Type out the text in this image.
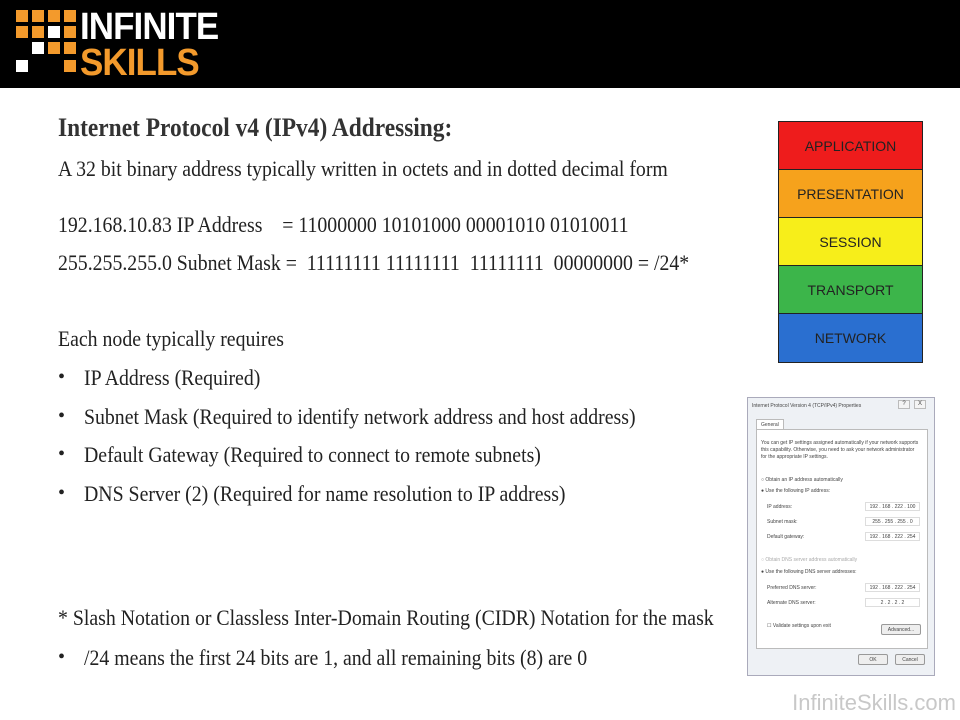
INFINITE
SKILLS
Internet Protocol v4 (IPv4) Addressing:
A 32 bit binary address typically written in octets and in dotted decimal form
192.168.10.83 IP Address    = 11000000 10101000 00001010 01010011
255.255.255.0 Subnet Mask =  11111111 11111111  11111111  00000000 = /24*
Each node typically requires
• IP Address (Required)
• Subnet Mask (Required to identify network address and host address)
• Default Gateway (Required to connect to remote subnets)
• DNS Server (2) (Required for name resolution to IP address)
* Slash Notation or Classless Inter-Domain Routing (CIDR) Notation for the mask
• /24 means the first 24 bits are 1, and all remaining bits (8) are 0
APPLICATION
PRESENTATION
SESSION
TRANSPORT
NETWORK
Internet Protocol Version 4 (TCP/IPv4) Properties	?	X
General
You can get IP settings assigned automatically if your network supports
this capability. Otherwise, you need to ask your network administrator
for the appropriate IP settings.
○ Obtain an IP address automatically
● Use the following IP address:
IP address:	192 . 168 . 222 . 100
Subnet mask:	255 . 255 . 255 . 0
Default gateway:	192 . 168 . 222 . 254
○ Obtain DNS server address automatically
● Use the following DNS server addresses:
Preferred DNS server:	192 . 168 . 222 . 254
Alternate DNS server:	2 . 2 . 2 . 2
☐ Validate settings upon exit
Advanced...
OK	Cancel
InfiniteSkills.com
